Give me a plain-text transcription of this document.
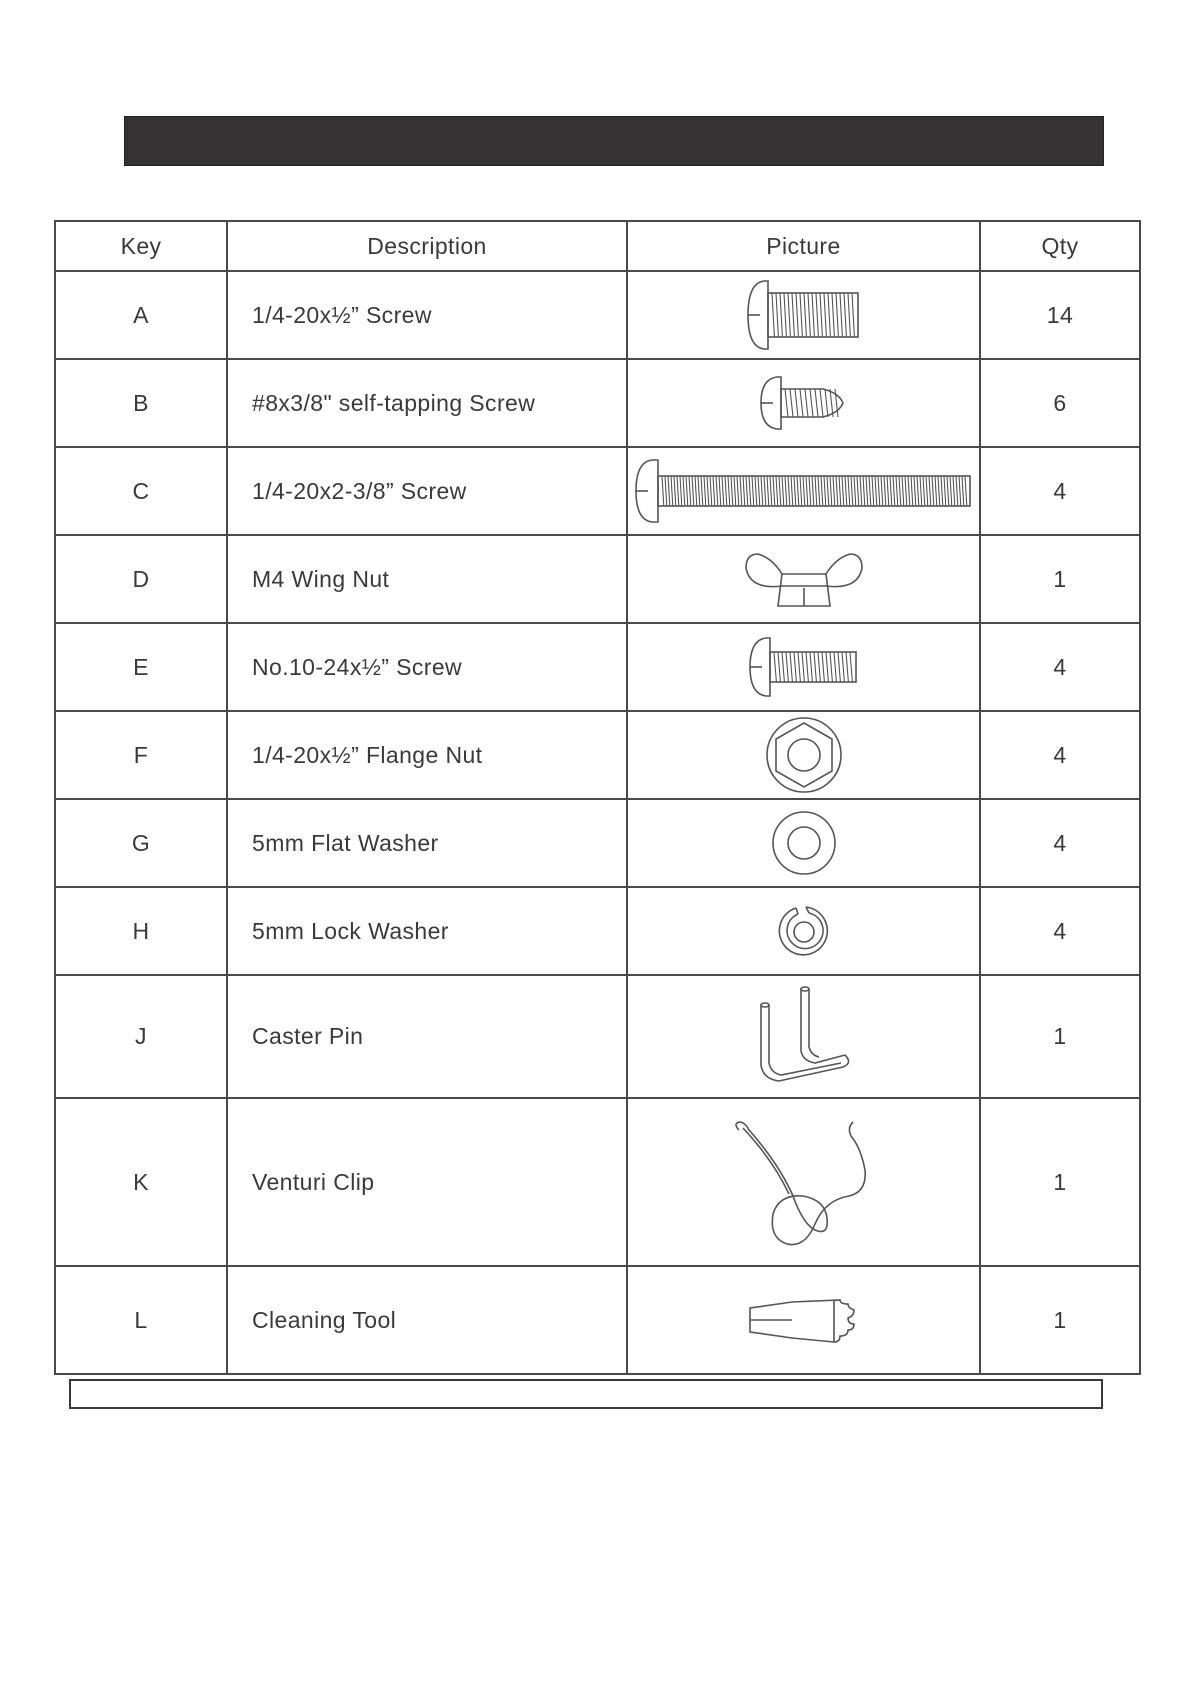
Key	Description	Picture	Qty
A	1/4-20x½” Screw		14
B	#8x3/8" self-tapping Screw		6
C	1/4-20x2-3/8” Screw		4
D	M4 Wing Nut		1
E	No.10-24x½” Screw		4
F	1/4-20x½” Flange Nut		4
G	5mm Flat Washer		4
H	5mm Lock Washer		4
J	Caster Pin		1
K	Venturi Clip		1
L	Cleaning Tool		1
